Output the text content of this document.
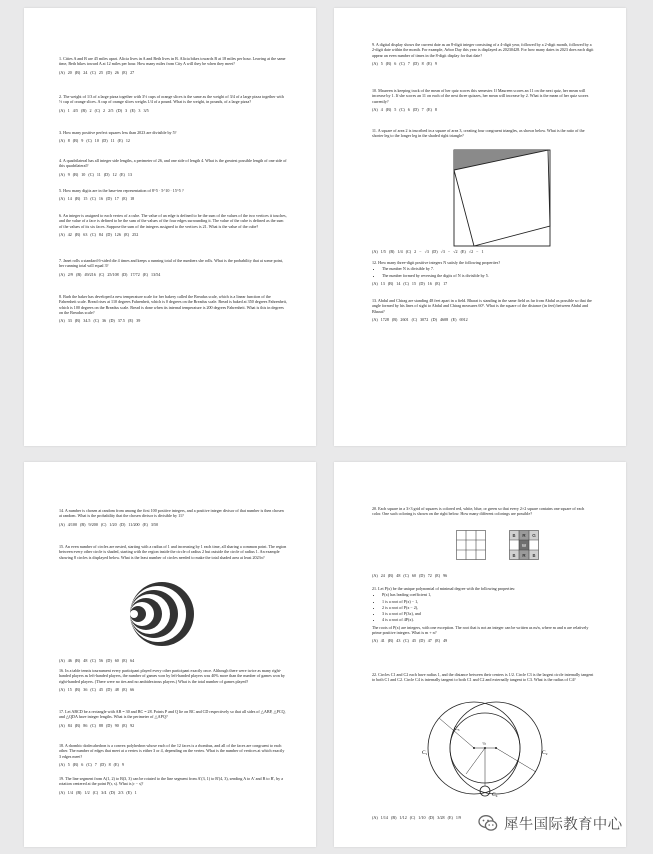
1. Cities A and B are 45 miles apart. Alicia lives in A and Beth lives in B. Alicia bikes towards B at 18 miles per hour. Leaving at the same time, Beth bikes toward A at 12 miles per hour. How many miles from City A will they be when they meet?
(A) 20 (B) 24 (C) 25 (D) 26 (E) 27
2. The weight of 1/3 of a large pizza together with 3½ cups of orange slices is the same as the weight of 3/4 of a large pizza together with ½ cup of orange slices. A cup of orange slices weighs 1/4 of a pound. What is the weight, in pounds, of a large pizza?
(A) 1 4/5 (B) 2 (C) 2 2/5 (D) 3 (E) 3 3/5
3. How many positive perfect squares less than 2023 are divisible by 5?
(A) 8 (B) 9 (C) 10 (D) 11 (E) 12
4. A quadrilateral has all integer side lengths, a perimeter of 26, and one side of length 4. What is the greatest possible length of one side of this quadrilateral?
(A) 9 (B) 10 (C) 11 (D) 12 (E) 13
5. How many digits are in the base-ten representation of 8^5 · 5^10 · 15^5 ?
(A) 14 (B) 15 (C) 16 (D) 17 (E) 18
6. An integer is assigned to each vertex of a cube. The value of an edge is defined to be the sum of the values of the two vertices it touches, and the value of a face is defined to be the sum of the values of the four edges surrounding it. The value of the cube is defined as the sum of the values of its six faces. Suppose the sum of the integers assigned to the vertices is 21. What is the value of the cube?
(A) 42 (B) 63 (C) 84 (D) 126 (E) 252
7. Janet rolls a standard 6-sided die 4 times and keeps a running total of the numbers she rolls. What is the probability that at some point, her running total will equal 3?
(A) 2/9 (B) 49/216 (C) 25/108 (D) 17/72 (E) 13/54
8. Barb the baker has developed a new temperature scale for her bakery called the Breadus scale, which is a linear function of the Fahrenheit scale. Bread rises at 110 degrees Fahrenheit, which is 0 degrees on the Breadus scale. Bread is baked at 350 degrees Fahrenheit, which is 100 degrees on the Breadus scale. Bread is done when its internal temperature is 200 degrees Fahrenheit. What is this in degrees on the Breadus scale?
(A) 33 (B) 34.5 (C) 36 (D) 37.5 (E) 39
9. A digital display shows the current date as an 8-digit integer consisting of a 4-digit year, followed by a 2-digit month, followed by a 2-digit date within the month. For example, Arbor Day this year is displayed as 20230428. For how many dates in 2023 does each digit appear an even number of times in the 8-digit display for that date?
(A) 5 (B) 6 (C) 7 (D) 8 (E) 9
10. Maureen is keeping track of the mean of her quiz scores this semester. If Maureen scores an 11 on the next quiz, her mean will increase by 1. If she scores an 11 on each of the next three quizzes, her mean will increase by 2. What is the mean of her quiz scores currently?
(A) 4 (B) 5 (C) 6 (D) 7 (E) 8
11. A square of area 2 is inscribed in a square of area 3, creating four congruent triangles, as shown below. What is the ratio of the shorter leg to the longer leg in the shaded right triangle?
(A) 1/5 (B) 1/4 (C) 2 − √3 (D) √3 − √2 (E) √2 − 1
12. How many three-digit positive integers N satisfy the following properties?
• The number N is divisible by 7.
• The number formed by reversing the digits of N is divisible by 5.
(A) 13 (B) 14 (C) 15 (D) 16 (E) 17
13. Abdul and Chirag are standing 48 feet apart in a field. Bharat is standing in the same field as far from Abdul as possible so that the angle formed by his lines of sight to Abdul and Chirag measures 60°. What is the square of the distance (in feet) between Abdul and Bharat?
(A) 1728 (B) 2601 (C) 3072 (D) 4608 (E) 6912
14. A number is chosen at random from among the first 100 positive integers, and a positive integer divisor of that number is then chosen at random. What is the probability that the chosen divisor is divisible by 11?
(A) 4/100 (B) 9/200 (C) 1/20 (D) 11/200 (E) 3/50
15. An even number of circles are nested, starting with a radius of 1 and increasing by 1 each time, all sharing a common point. The region between every other circle is shaded, starting with the region inside the circle of radius 2 but outside the circle of radius 1. An example showing 8 circles is displayed below. What is the least number of circles needed to make the total shaded area at least 2023π?
(A) 46 (B) 48 (C) 56 (D) 60 (E) 64
16. In a table tennis tournament every participant played every other participant exactly once. Although there were twice as many right-handed players as left-handed players, the number of games won by left-handed players was 40% more than the number of games won by right-handed players. (There were no ties and no ambidextrous players.) What is the total number of games played?
(A) 15 (B) 36 (C) 45 (D) 48 (E) 66
17. Let ABCD be a rectangle with AB = 30 and BC = 28. Points P and Q lie on BC and CD respectively so that all sides of △ABP, △PCQ, and △QDA have integer lengths. What is the perimeter of △APQ?
(A) 84 (B) 86 (C) 88 (D) 90 (E) 92
18. A rhombic dodecahedron is a convex polyhedron whose each of the 12 faces is a rhombus, and all of the faces are congruent to each other. The number of edges that meet at a vertex is either 3 or 4, depending on the vertex. What is the number of vertices at which exactly 3 edges meet?
(A) 5 (B) 6 (C) 7 (D) 8 (E) 9
19. The line segment from A(1, 2) to B(3, 3) can be rotated to the line segment from A'(3, 1) to B'(4, 3), sending A to A' and B to B', by a rotation centered at the point P(r, s). What is |r − s|?
(A) 1/4 (B) 1/2 (C) 3/4 (D) 2/3 (E) 1
20. Each square in a 3×3 grid of squares is colored red, white, blue, or green so that every 2×2 square contains one square of each color. One such coloring is shown on the right below. How many different colorings are possible?
B R G
W
B R B
(A) 24 (B) 48 (C) 60 (D) 72 (E) 96
21. Let P(x) be the unique polynomial of minimal degree with the following properties:
• P(x) has leading coefficient 1,
• 1 is a root of P(x) − 1,
• 2 is a root of P(x − 2),
• 3 is a root of P(3x), and
• 4 is a root of 4P(x).
The roots of P(x) are integers, with one exception. The root that is not an integer can be written as m/n, where m and n are relatively prime positive integers. What is m + n?
(A) 41 (B) 43 (C) 45 (D) 47 (E) 49
22. Circles C1 and C2 each have radius 1, and the distance between their centers is 1/2. Circle C3 is the largest circle internally tangent to both C1 and C2. Circle C4 is internally tangent to both C1 and C2 and externally tangent to C3. What is the radius of C4?
½
C₁	C₂
C₃
C₄
(A) 1/14 (B) 1/12 (C) 1/10 (D) 3/28 (E) 1/9	犀牛国际教育中心
